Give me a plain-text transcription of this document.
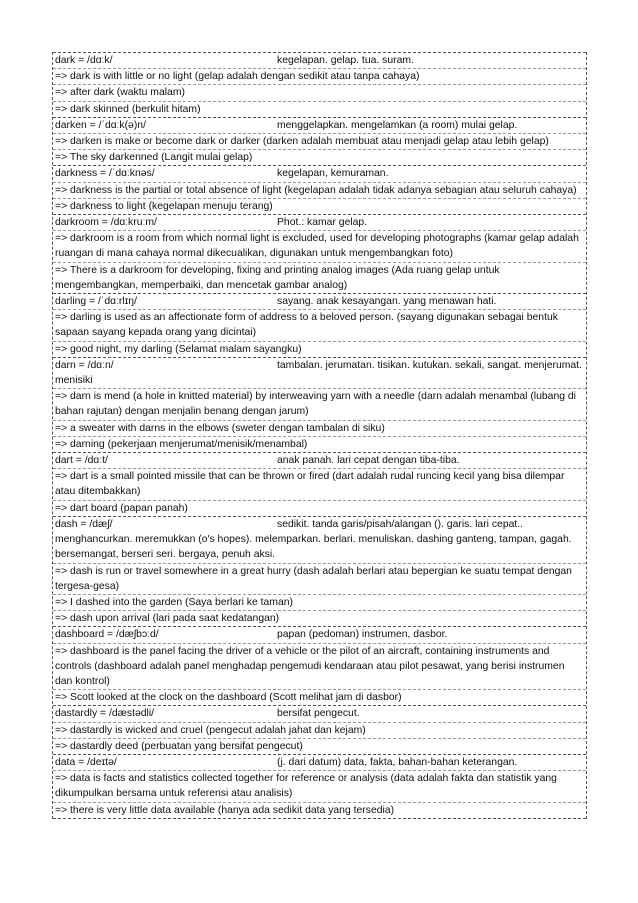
dark = /dɑːk/	kegelapan. gelap. tua. suram.
=> dark is with little or no light (gelap adalah dengan sedikit atau tanpa cahaya)
=> after dark (waktu malam)
=> dark skinned (berkulit hitam)
darken = /ˈdɑːk(ə)n/	menggelapkan. mengelamkan (a room) mulai gelap.
=> darken is make or become dark or darker (darken adalah membuat atau menjadi gelap atau lebih gelap)
=> The sky darkenned (Langit mulai gelap)
darkness = /ˈdɑːknəs/	kegelapan, kemuraman.
=> darkness is the partial or total absence of light (kegelapan adalah tidak adanya sebagian atau seluruh cahaya)
=> darkness to light (kegelapan menuju terang)
darkroom = /dɑːkruːm/	Phot.: kamar gelap.
=> darkroom is a room from which normal light is excluded, used for developing photographs (kamar gelap adalah ruangan di mana cahaya normal dikecualikan, digunakan untuk mengembangkan foto)
=> There is a darkroom for developing, fixing and printing analog images (Ada ruang gelap untuk mengembangkan, memperbaiki, dan mencetak gambar analog)
darling = /ˈdɑːrlɪŋ/	sayang. anak kesayangan. yang menawan hati.
=> darling is used as an affectionate form of address to a beloved person. (sayang digunakan sebagai bentuk sapaan sayang kepada orang yang dicintai)
=> good night, my darling (Selamat malam sayangku)
darn = /dɑːn/	tambalan. jerumatan. tisikan. kutukan. sekali, sangat. menjerumat. menisiki
=> darn is mend (a hole in knitted material) by interweaving yarn with a needle (darn adalah menambal (lubang di bahan rajutan) dengan menjalin benang dengan jarum)
=> a sweater with darns in the elbows (sweter dengan tambalan di siku)
=> darning (pekerjaan menjerumat/menisik/menambal)
dart = /dɑːt/	anak panah. lari cepat dengan tiba-tiba.
=> dart is a small pointed missile that can be thrown or fired (dart adalah rudal runcing kecil yang bisa dilempar atau ditembakkan)
=> dart board (papan panah)
dash = /dæʃ/	sedikit. tanda garis/pisah/alangan (). garis. lari cepat.. menghancurkan. meremukkan (o's hopes). melemparkan. berlari. menuliskan. dashing ganteng, tampan, gagah. bersemangat, berseri seri. bergaya, penuh aksi.
=> dash is run or travel somewhere in a great hurry (dash adalah berlari atau bepergian ke suatu tempat dengan tergesa-gesa)
=> I dashed into the garden (Saya berlari ke taman)
=> dash upon arrival (lari pada saat kedatangan)
dashboard = /dæʃbɔːd/	papan (pedoman) instrumen, dasbor.
=> dashboard is the panel facing the driver of a vehicle or the pilot of an aircraft, containing instruments and controls (dashboard adalah panel menghadap pengemudi kendaraan atau pilot pesawat, yang berisi instrumen dan kontrol)
=> Scott looked at the clock on the dashboard (Scott melihat jam di dasbor)
dastardly = /dæstədli/	bersifat pengecut.
=> dastardly is wicked and cruel (pengecut adalah jahat dan kejam)
=> dastardly deed (perbuatan yang bersifat pengecut)
data = /deɪtə/	(j. dari datum) data, fakta, bahan-bahan keterangan.
=> data is facts and statistics collected together for reference or analysis (data adalah fakta dan statistik yang dikumpulkan bersama untuk referensi atau analisis)
=> there is very little data available (hanya ada sedikit data yang tersedia)
